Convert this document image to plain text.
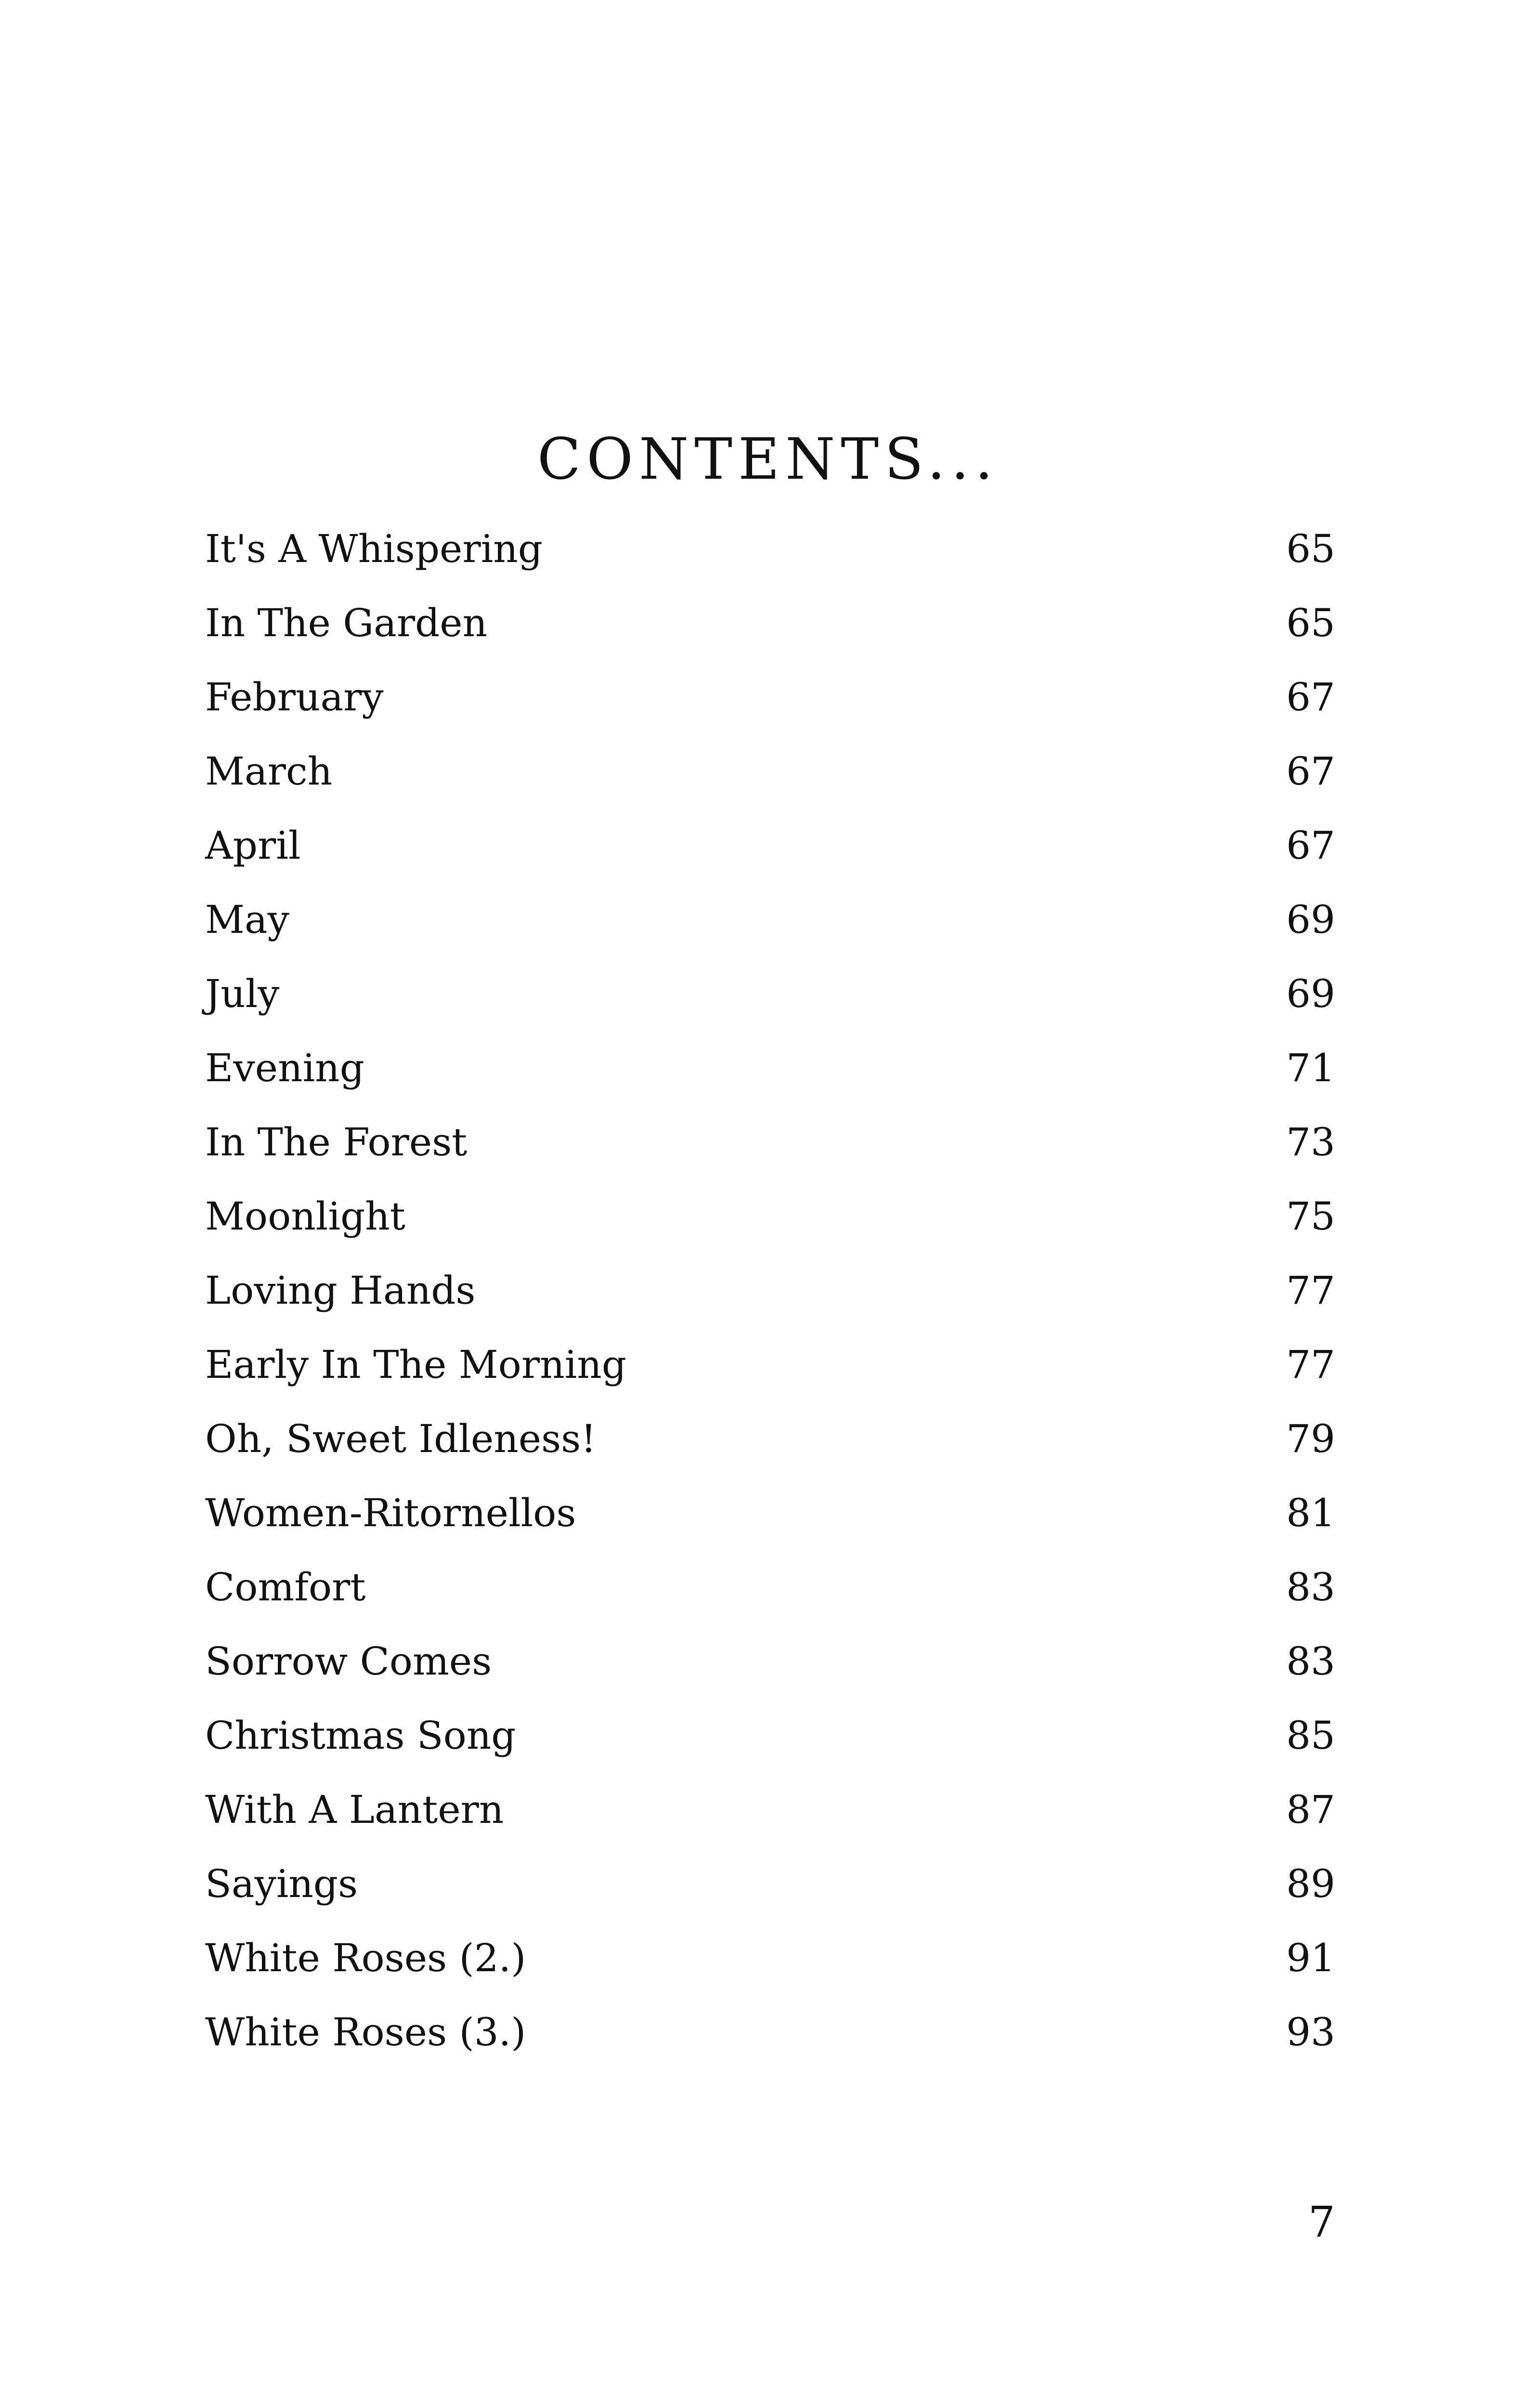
CONTENTS...
It's A Whispering	65
In The Garden	65
February	67
March	67
April	67
May	69
July	69
Evening	71
In The Forest	73
Moonlight	75
Loving Hands	77
Early In The Morning	77
Oh, Sweet Idleness!	79
Women-Ritornellos	81
Comfort	83
Sorrow Comes	83
Christmas Song	85
With A Lantern	87
Sayings	89
White Roses (2.)	91
White Roses (3.)	93
7
